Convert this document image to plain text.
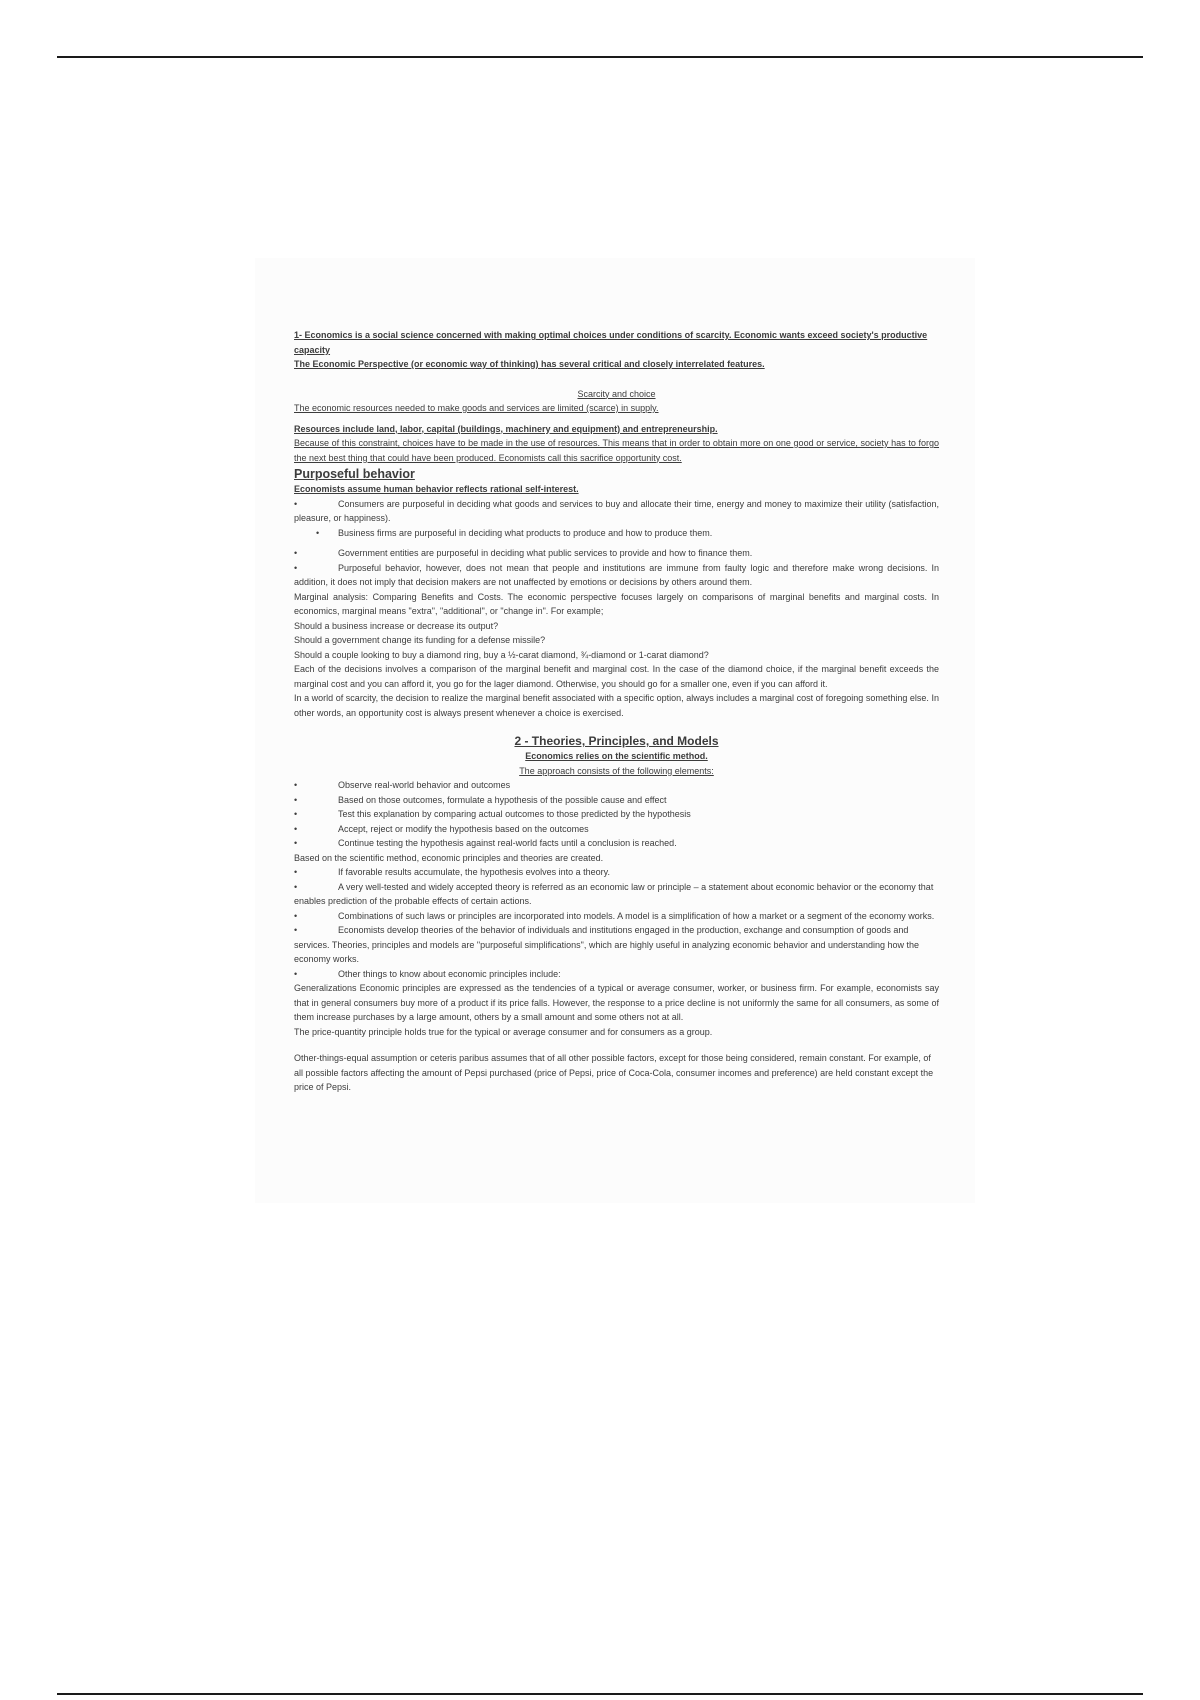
1- Economics is a social science concerned with making optimal choices under conditions of scarcity. Economic wants exceed society's productive capacity

The Economic Perspective (or economic way of thinking) has several critical and closely interrelated features.

Scarcity and choice

The economic resources needed to make goods and services are limited (scarce) in supply.

Resources include land, labor, capital (buildings, machinery and equipment) and entrepreneurship.

Because of this constraint, choices have to be made in the use of resources. This means that in order to obtain more on one good or service, society has to forgo the next best thing that could have been produced. Economists call this sacrifice opportunity cost.

Purposeful behavior

Economists assume human behavior reflects rational self-interest.

•	Consumers are purposeful in deciding what goods and services to buy and allocate their time, energy and money to maximize their utility (satisfaction, pleasure, or happiness).

• Business firms are purposeful in deciding what products to produce and how to produce them.

•	Government entities are purposeful in deciding what public services to provide and how to finance them.

•	Purposeful behavior, however, does not mean that people and institutions are immune from faulty logic and therefore make wrong decisions. In addition, it does not imply that decision makers are not unaffected by emotions or decisions by others around them.

Marginal analysis: Comparing Benefits and Costs. The economic perspective focuses largely on comparisons of marginal benefits and marginal costs. In economics, marginal means "extra", "additional", or "change in". For example;

Should a business increase or decrease its output?

Should a government change its funding for a defense missile?

Should a couple looking to buy a diamond ring, buy a ½-carat diamond, ¾-diamond or 1-carat diamond?

Each of the decisions involves a comparison of the marginal benefit and marginal cost. In the case of the diamond choice, if the marginal benefit exceeds the marginal cost and you can afford it, you go for the lager diamond. Otherwise, you should go for a smaller one, even if you can afford it.

In a world of scarcity, the decision to realize the marginal benefit associated with a specific option, always includes a marginal cost of foregoing something else. In other words, an opportunity cost is always present whenever a choice is exercised.

2 - Theories, Principles, and Models

Economics relies on the scientific method.

The approach consists of the following elements:

•	Observe real-world behavior and outcomes

•	Based on those outcomes, formulate a hypothesis of the possible cause and effect

•	Test this explanation by comparing actual outcomes to those predicted by the hypothesis

•	Accept, reject or modify the hypothesis based on the outcomes

•	Continue testing the hypothesis against real-world facts until a conclusion is reached.

Based on the scientific method, economic principles and theories are created.

•	If favorable results accumulate, the hypothesis evolves into a theory.

•	A very well-tested and widely accepted theory is referred as an economic law or principle – a statement about economic behavior or the economy that enables prediction of the probable effects of certain actions.

•	Combinations of such laws or principles are incorporated into models. A model is a simplification of how a market or a segment of the economy works.

•	Economists develop theories of the behavior of individuals and institutions engaged in the production, exchange and consumption of goods and services. Theories, principles and models are "purposeful simplifications", which are highly useful in analyzing economic behavior and understanding how the economy works.

•	Other things to know about economic principles include:

Generalizations Economic principles are expressed as the tendencies of a typical or average consumer, worker, or business firm. For example, economists say that in general consumers buy more of a product if its price falls. However, the response to a price decline is not uniformly the same for all consumers, as some of them increase purchases by a large amount, others by a small amount and some others not at all.

The price-quantity principle holds true for the typical or average consumer and for consumers as a group.

Other-things-equal assumption or ceteris paribus assumes that of all other possible factors, except for those being considered, remain constant. For example, of all possible factors affecting the amount of Pepsi purchased (price of Pepsi, price of Coca-Cola, consumer incomes and preference) are held constant except the price of Pepsi.
